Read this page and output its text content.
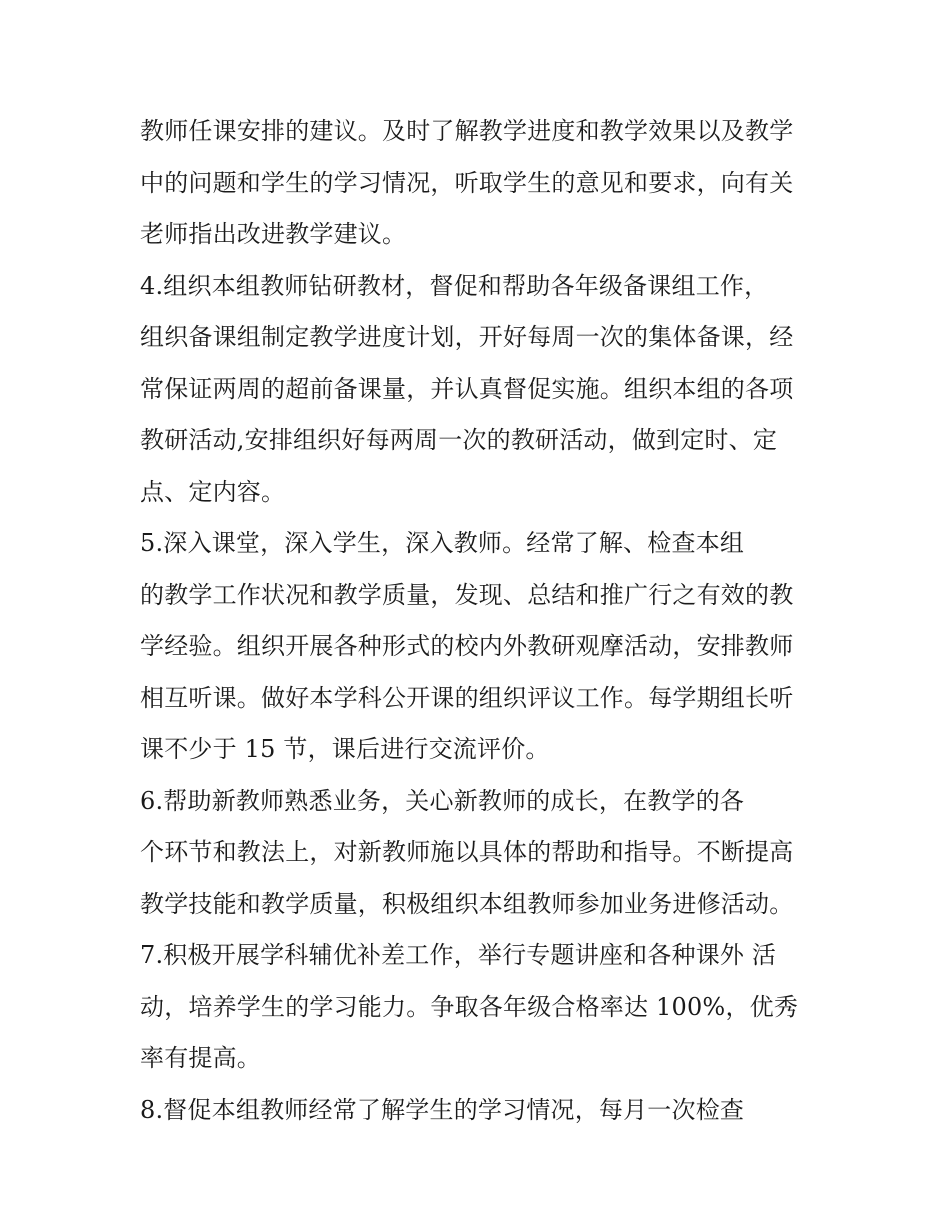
教师任课安排的建议。及时了解教学进度和教学效果以及教学
中的问题和学生的学习情况，听取学生的意见和要求，向有关
老师指出改进教学建议。
4.组织本组教师钻研教材，督促和帮助各年级备课组工作，
组织备课组制定教学进度计划，开好每周一次的集体备课，经
常保证两周的超前备课量，并认真督促实施。组织本组的各项
教研活动,安排组织好每两周一次的教研活动，做到定时、定
点、定内容。
5.深入课堂，深入学生，深入教师。经常了解、检查本组
的教学工作状况和教学质量，发现、总结和推广行之有效的教
学经验。组织开展各种形式的校内外教研观摩活动，安排教师
相互听课。做好本学科公开课的组织评议工作。每学期组长听
课不少于 15 节，课后进行交流评价。
6.帮助新教师熟悉业务，关心新教师的成长，在教学的各
个环节和教法上，对新教师施以具体的帮助和指导。不断提高
教学技能和教学质量，积极组织本组教师参加业务进修活动。
7.积极开展学科辅优补差工作，举行专题讲座和各种课外 活
动，培养学生的学习能力。争取各年级合格率达 100%，优秀
率有提高。
8.督促本组教师经常了解学生的学习情况，每月一次检查
